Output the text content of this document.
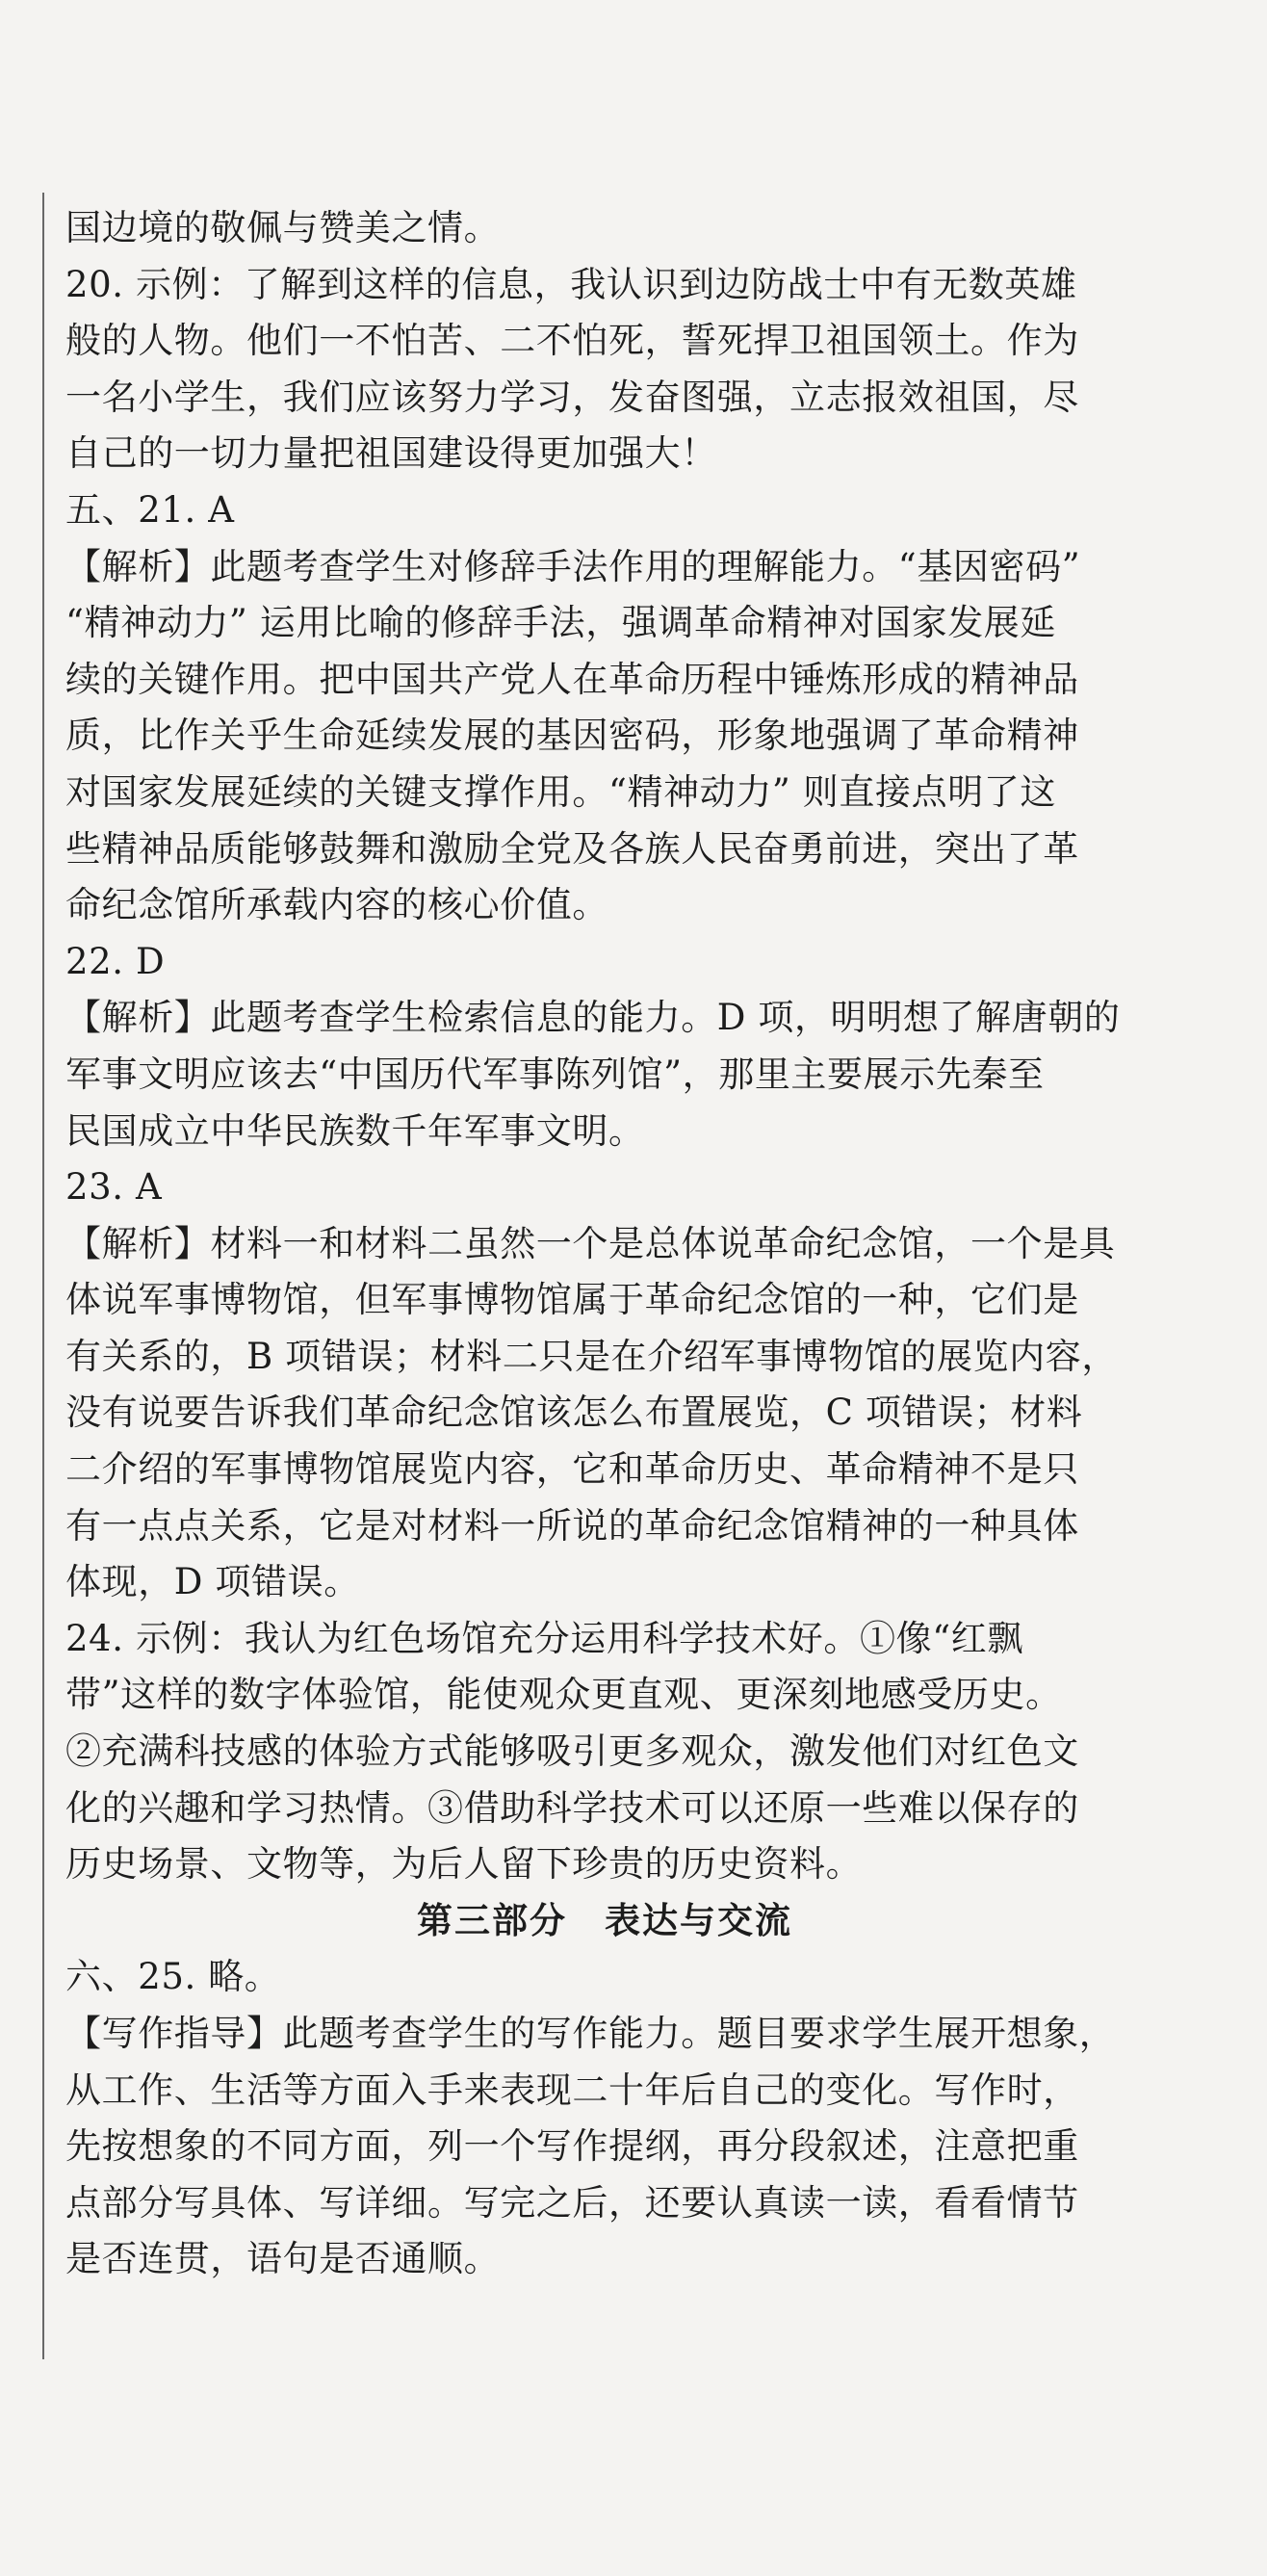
国边境的敬佩与赞美之情。
20. 示例：了解到这样的信息，我认识到边防战士中有无数英雄
般的人物。他们一不怕苦、二不怕死，誓死捍卫祖国领土。作为
一名小学生，我们应该努力学习，发奋图强，立志报效祖国，尽
自己的一切力量把祖国建设得更加强大！
五、21. A
【解析】此题考查学生对修辞手法作用的理解能力。“基因密码”
“精神动力” 运用比喻的修辞手法，强调革命精神对国家发展延
续的关键作用。把中国共产党人在革命历程中锤炼形成的精神品
质，比作关乎生命延续发展的基因密码，形象地强调了革命精神
对国家发展延续的关键支撑作用。“精神动力” 则直接点明了这
些精神品质能够鼓舞和激励全党及各族人民奋勇前进，突出了革
命纪念馆所承载内容的核心价值。
22. D
【解析】此题考查学生检索信息的能力。D 项，明明想了解唐朝的
军事文明应该去“中国历代军事陈列馆”，那里主要展示先秦至
民国成立中华民族数千年军事文明。
23. A
【解析】材料一和材料二虽然一个是总体说革命纪念馆，一个是具
体说军事博物馆，但军事博物馆属于革命纪念馆的一种，它们是
有关系的，B 项错误；材料二只是在介绍军事博物馆的展览内容，
没有说要告诉我们革命纪念馆该怎么布置展览，C 项错误；材料
二介绍的军事博物馆展览内容，它和革命历史、革命精神不是只
有一点点关系，它是对材料一所说的革命纪念馆精神的一种具体
体现，D 项错误。
24. 示例：我认为红色场馆充分运用科学技术好。①像“红飘
带”这样的数字体验馆，能使观众更直观、更深刻地感受历史。
②充满科技感的体验方式能够吸引更多观众，激发他们对红色文
化的兴趣和学习热情。③借助科学技术可以还原一些难以保存的
历史场景、文物等，为后人留下珍贵的历史资料。
第三部分　表达与交流
六、25. 略。
【写作指导】此题考查学生的写作能力。题目要求学生展开想象，
从工作、生活等方面入手来表现二十年后自己的变化。写作时，
先按想象的不同方面，列一个写作提纲，再分段叙述，注意把重
点部分写具体、写详细。写完之后，还要认真读一读，看看情节
是否连贯，语句是否通顺。
